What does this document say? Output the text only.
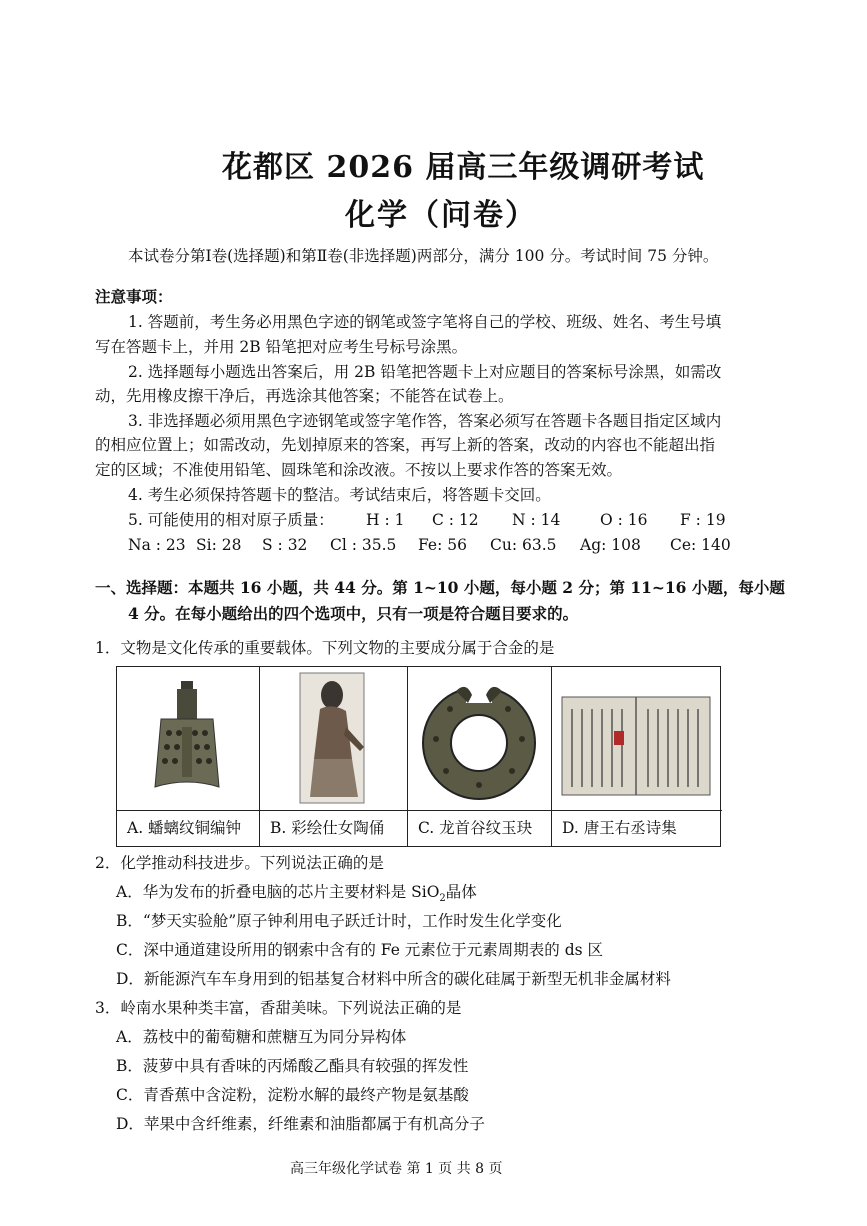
花都区 2026 届高三年级调研考试
化学（问卷）
本试卷分第Ⅰ卷(选择题)和第Ⅱ卷(非选择题)两部分，满分 100 分。考试时间 75 分钟。
注意事项：
1. 答题前，考生务必用黑色字迹的钢笔或签字笔将自己的学校、班级、姓名、考生号填
写在答题卡上，并用 2B 铅笔把对应考生号标号涂黑。
2. 选择题每小题选出答案后，用 2B 铅笔把答题卡上对应题目的答案标号涂黑，如需改
动，先用橡皮擦干净后，再选涂其他答案；不能答在试卷上。
3. 非选择题必须用黑色字迹钢笔或签字笔作答，答案必须写在答题卡各题目指定区域内
的相应位置上；如需改动，先划掉原来的答案，再写上新的答案，改动的内容也不能超出指
定的区域；不准使用铅笔、圆珠笔和涂改液。不按以上要求作答的答案无效。
4. 考生必须保持答题卡的整洁。考试结束后，将答题卡交回。
5. 可能使用的相对原子质量： H : 1 C : 12 N : 14	O : 16 F : 19
Na : 23 Si: 28 S : 32 Cl : 35.5 Fe: 56 Cu: 63.5 Ag: 108 Ce: 140
一、选择题：本题共 16 小题，共 44 分。第 1~10 小题，每小题 2 分；第 11~16 小题，每小题
4 分。在每小题给出的四个选项中，只有一项是符合题目要求的。
1．文物是文化传承的重要载体。下列文物的主要成分属于合金的是
A. 蟠螭纹铜编钟	B. 彩绘仕女陶俑	C. 龙首谷纹玉玦	D. 唐王右丞诗集
2．化学推动科技进步。下列说法正确的是
A．华为发布的折叠电脑的芯片主要材料是 SiO$_2$晶体
B．“梦天实验舱”原子钟利用电子跃迁计时，工作时发生化学变化
C．深中通道建设所用的钢索中含有的 Fe 元素位于元素周期表的 ds 区
D．新能源汽车车身用到的铝基复合材料中所含的碳化硅属于新型无机非金属材料
3．岭南水果种类丰富，香甜美味。下列说法正确的是
A．荔枝中的葡萄糖和蔗糖互为同分异构体
B．菠萝中具有香味的丙烯酸乙酯具有较强的挥发性
C．青香蕉中含淀粉，淀粉水解的最终产物是氨基酸
D．苹果中含纤维素，纤维素和油脂都属于有机高分子
高三年级化学试卷 第 1 页 共 8 页
